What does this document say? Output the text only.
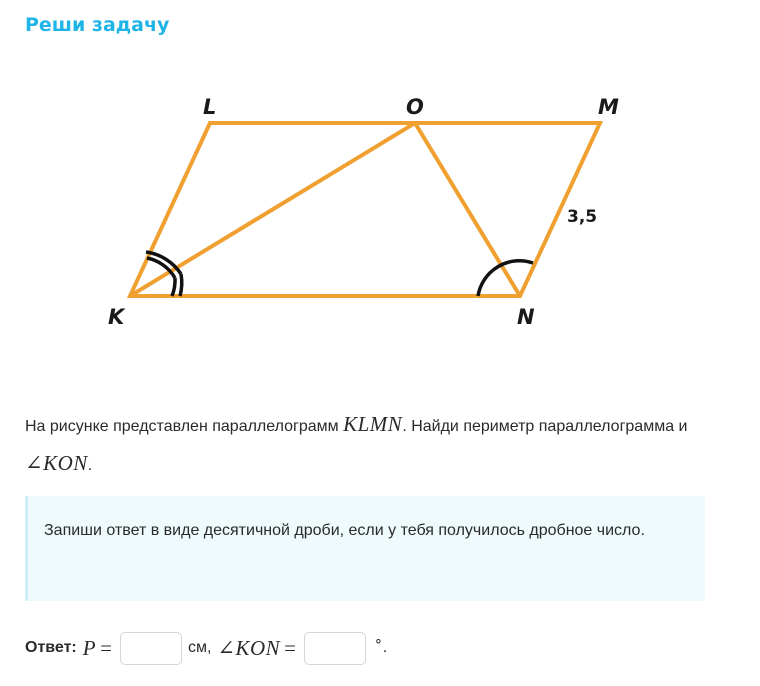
Реши задачу
L	O	M
K	N
3,5
На рисунке представлен параллелограмм KLMN. Найди периметр параллелограмма и ∠KON.
Запиши ответ в виде десятичной дроби, если у тебя получилось дробное число.
Ответ: P =	см, ∠KON =	∘ .
